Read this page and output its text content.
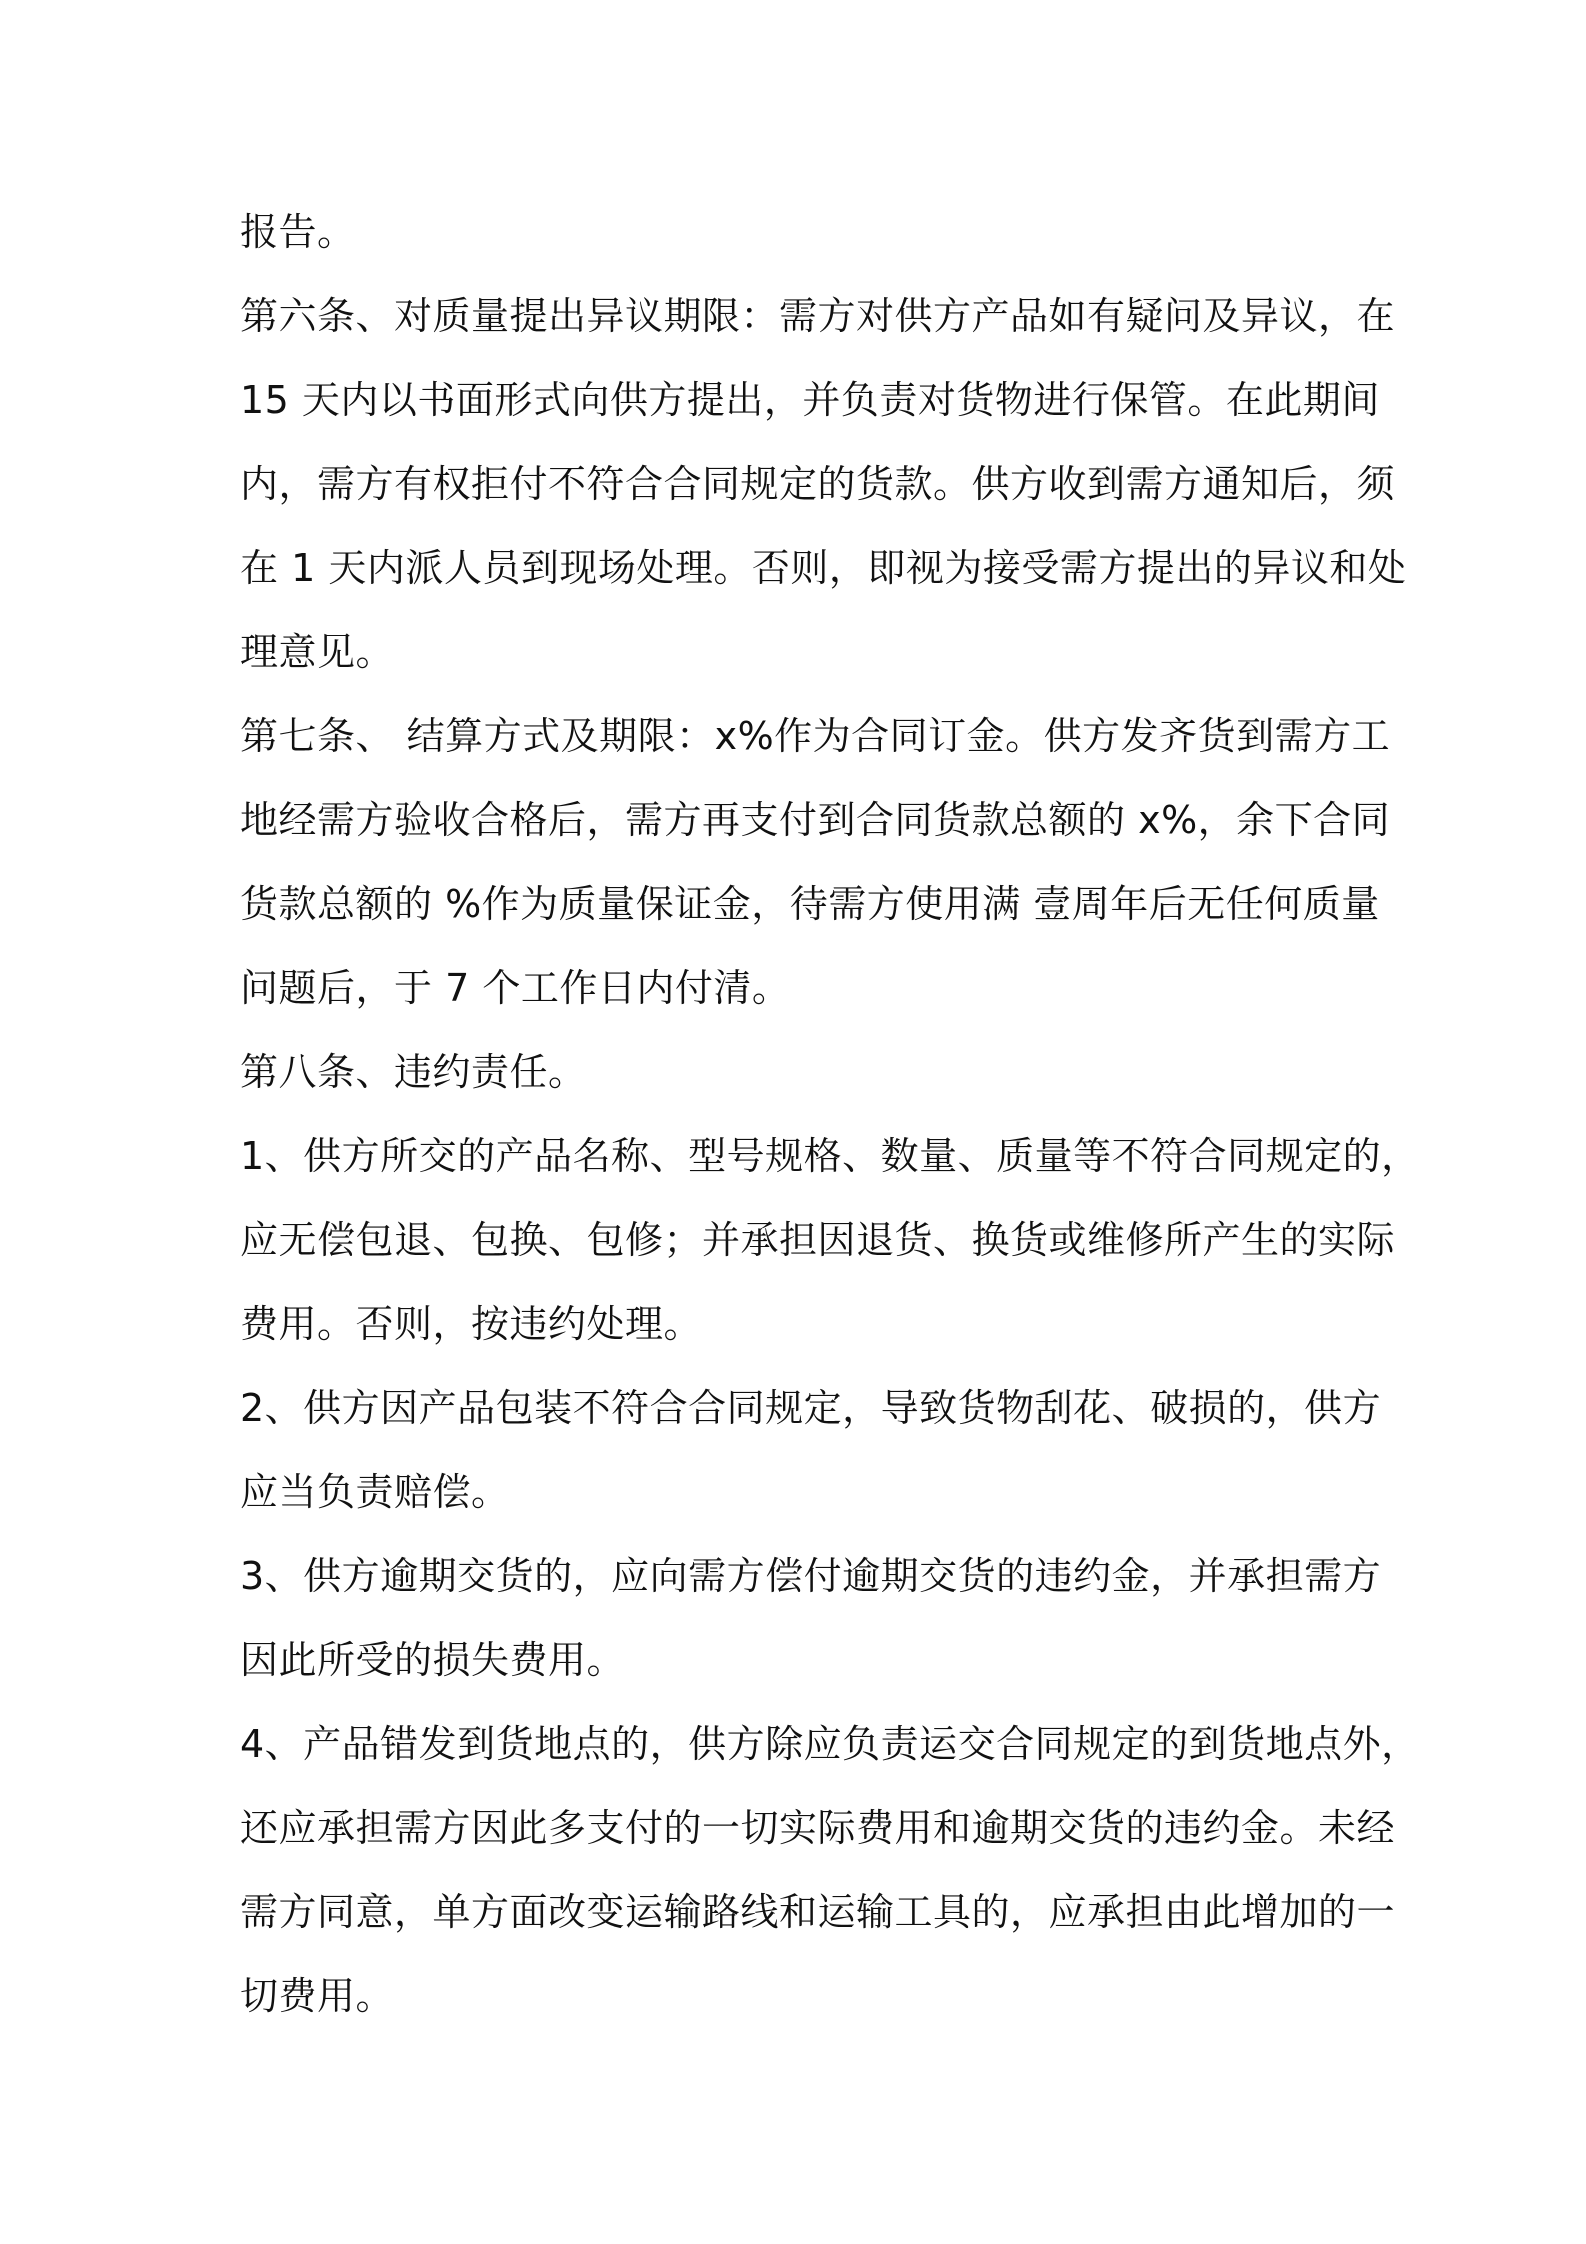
报告。
第六条、对质量提出异议期限：需方对供方产品如有疑问及异议，在
15 天内以书面形式向供方提出，并负责对货物进行保管。在此期间
内，需方有权拒付不符合合同规定的货款。供方收到需方通知后，须
在 1 天内派人员到现场处理。否则，即视为接受需方提出的异议和处
理意见。
第七条、 结算方式及期限：x%作为合同订金。供方发齐货到需方工
地经需方验收合格后，需方再支付到合同货款总额的 x%，余下合同
货款总额的 %作为质量保证金，待需方使用满 壹周年后无任何质量
问题后，于 7 个工作日内付清。
第八条、违约责任。
1、供方所交的产品名称、型号规格、数量、质量等不符合同规定的，
应无偿包退、包换、包修；并承担因退货、换货或维修所产生的实际
费用。否则，按违约处理。
2、供方因产品包装不符合合同规定，导致货物刮花、破损的，供方
应当负责赔偿。
3、供方逾期交货的，应向需方偿付逾期交货的违约金，并承担需方
因此所受的损失费用。
4、产品错发到货地点的，供方除应负责运交合同规定的到货地点外，
还应承担需方因此多支付的一切实际费用和逾期交货的违约金。未经
需方同意，单方面改变运输路线和运输工具的，应承担由此增加的一
切费用。
